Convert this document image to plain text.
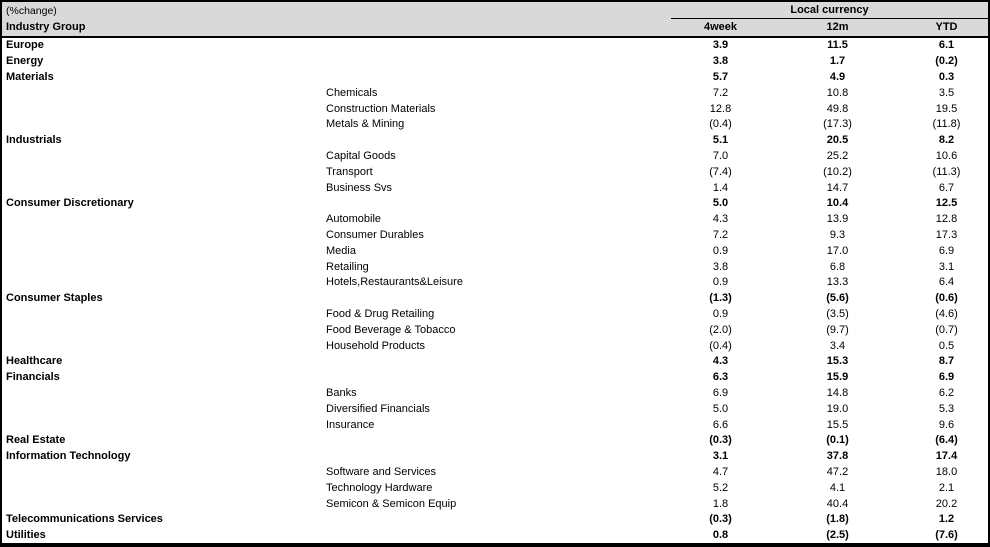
(%change)	Local currency
Industry Group	4week	12m	YTD
Europe	3.9	11.5	6.1
Energy	3.8	1.7	(0.2)
Materials	5.7	4.9	0.3
Chemicals	7.2	10.8	3.5
Construction Materials	12.8	49.8	19.5
Metals & Mining	(0.4)	(17.3)	(11.8)
Industrials	5.1	20.5	8.2
Capital Goods	7.0	25.2	10.6
Transport	(7.4)	(10.2)	(11.3)
Business Svs	1.4	14.7	6.7
Consumer Discretionary	5.0	10.4	12.5
Automobile	4.3	13.9	12.8
Consumer Durables	7.2	9.3	17.3
Media	0.9	17.0	6.9
Retailing	3.8	6.8	3.1
Hotels,Restaurants&Leisure	0.9	13.3	6.4
Consumer Staples	(1.3)	(5.6)	(0.6)
Food & Drug Retailing	0.9	(3.5)	(4.6)
Food Beverage & Tobacco	(2.0)	(9.7)	(0.7)
Household Products	(0.4)	3.4	0.5
Healthcare	4.3	15.3	8.7
Financials	6.3	15.9	6.9
Banks	6.9	14.8	6.2
Diversified Financials	5.0	19.0	5.3
Insurance	6.6	15.5	9.6
Real Estate	(0.3)	(0.1)	(6.4)
Information Technology	3.1	37.8	17.4
Software and Services	4.7	47.2	18.0
Technology Hardware	5.2	4.1	2.1
Semicon & Semicon Equip	1.8	40.4	20.2
Telecommunications Services	(0.3)	(1.8)	1.2
Utilities	0.8	(2.5)	(7.6)
